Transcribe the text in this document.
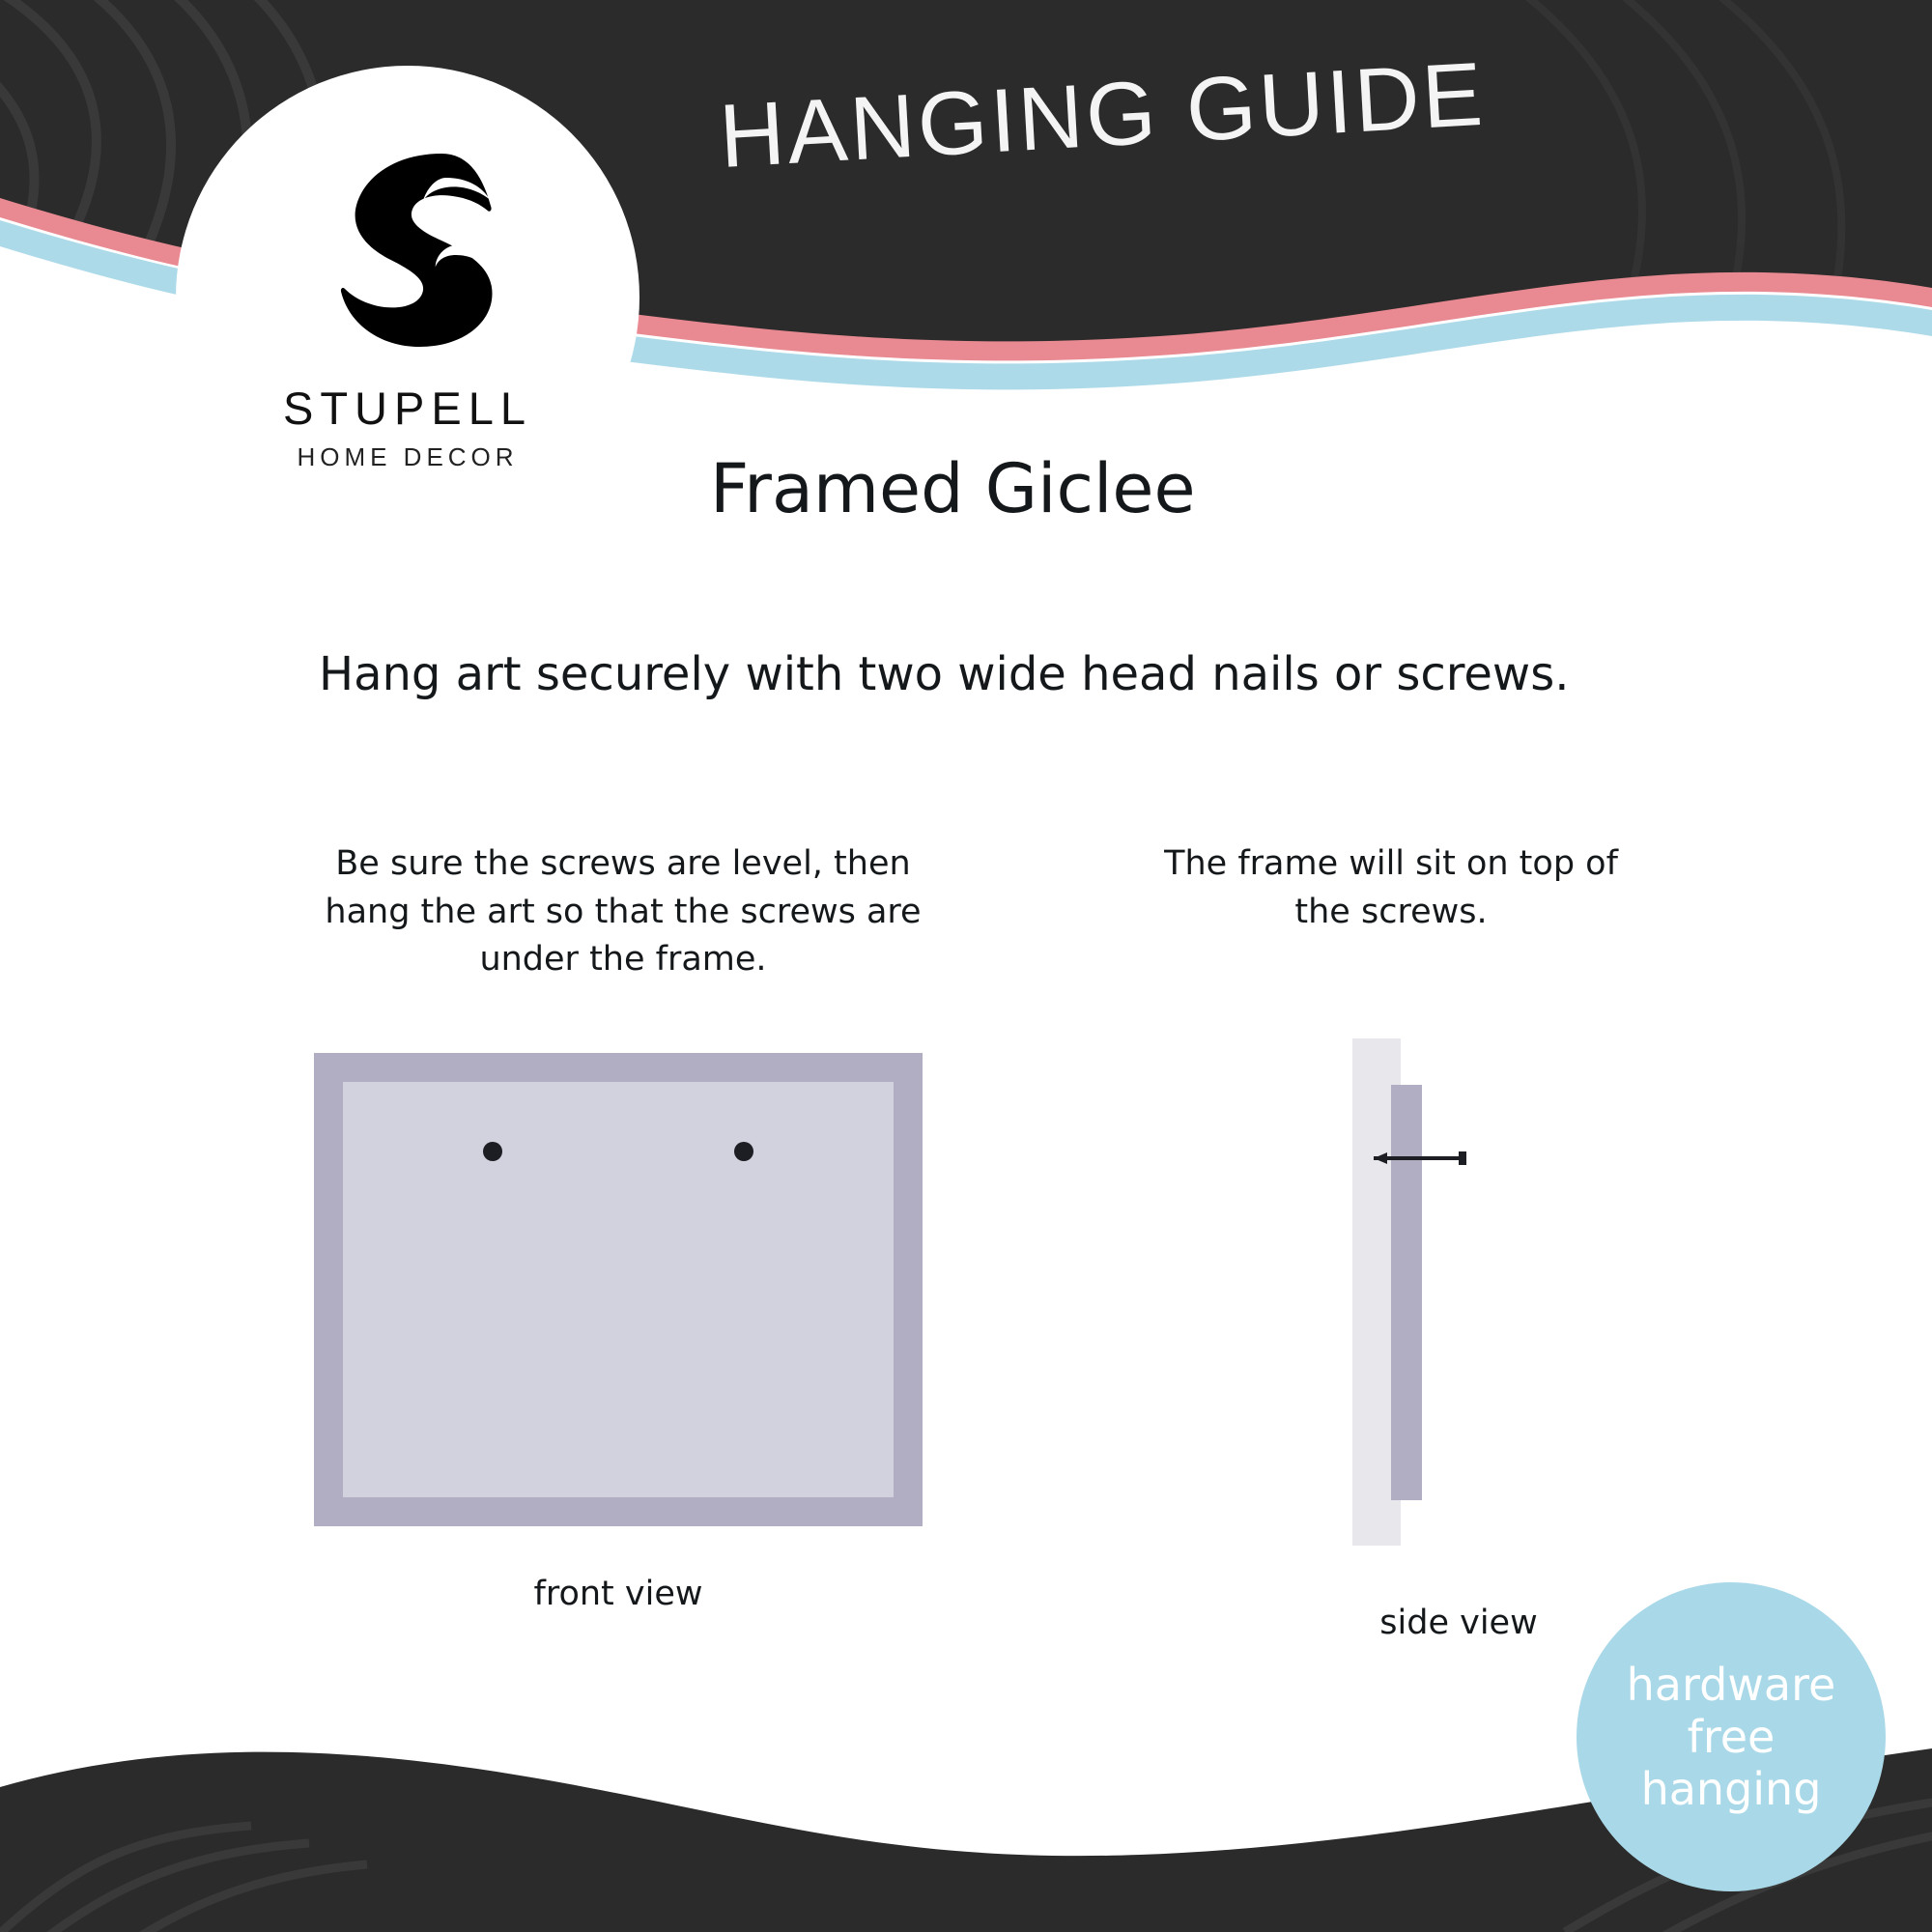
STUPELL
HOME DECOR
HANGING GUIDE
Framed Giclee
Hang art securely with two wide head nails or screws.
Be sure the screws are level, then hang the art so that the screws are under the frame.
The frame will sit on top of the screws.
front view
side view
hardware
free
hanging
